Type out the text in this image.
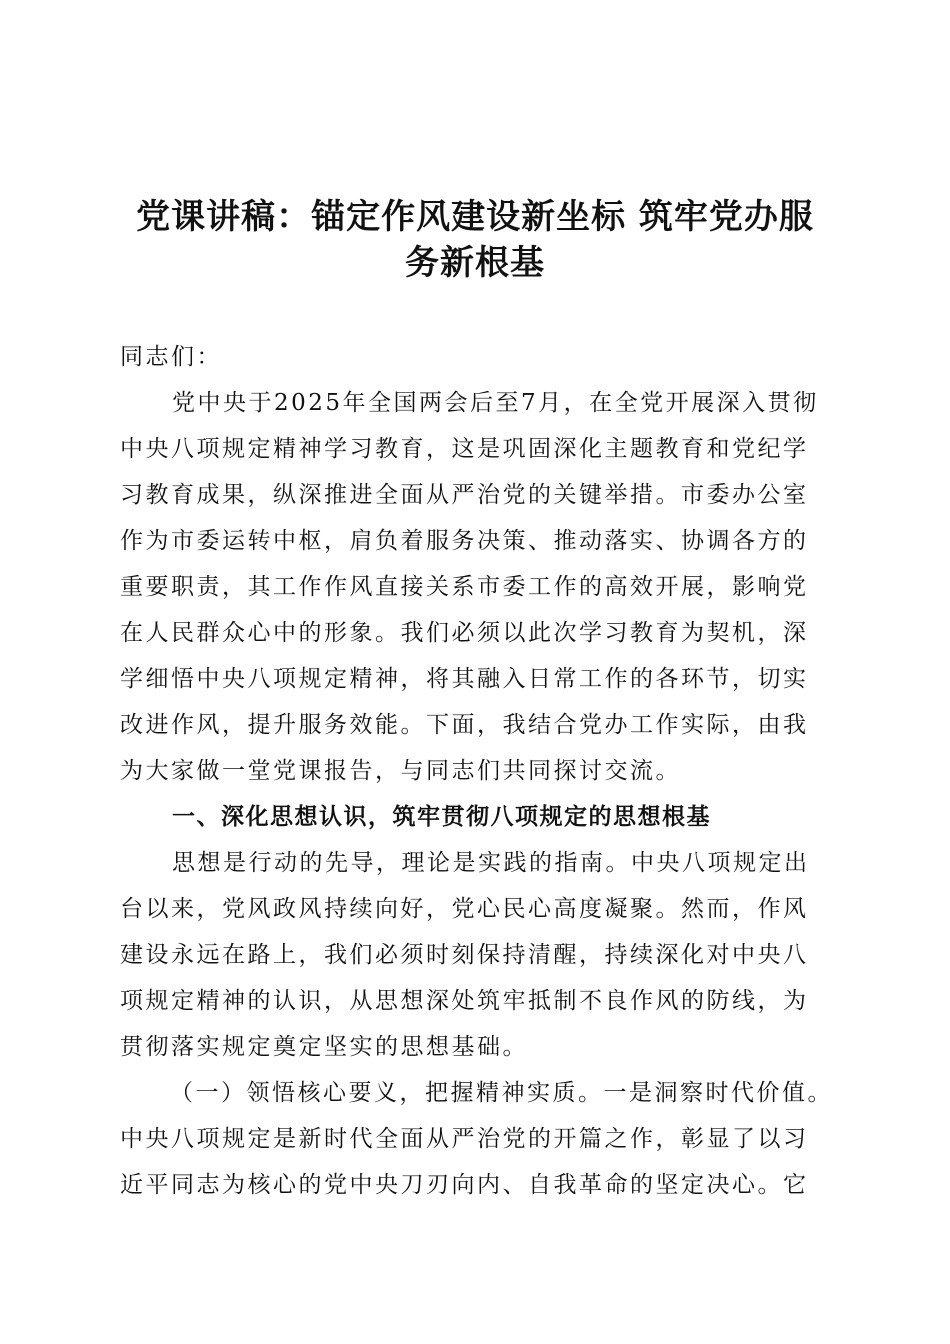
党课讲稿：锚定作风建设新坐标 筑牢党办服
务新根基
同志们：
党中央于2025年全国两会后至7月，在全党开展深入贯彻
中央八项规定精神学习教育，这是巩固深化主题教育和党纪学
习教育成果，纵深推进全面从严治党的关键举措。市委办公室
作为市委运转中枢，肩负着服务决策、推动落实、协调各方的
重要职责，其工作作风直接关系市委工作的高效开展，影响党
在人民群众心中的形象。我们必须以此次学习教育为契机，深
学细悟中央八项规定精神，将其融入日常工作的各环节，切实
改进作风，提升服务效能。下面，我结合党办工作实际，由我
为大家做一堂党课报告，与同志们共同探讨交流。
一、深化思想认识，筑牢贯彻八项规定的思想根基
思想是行动的先导，理论是实践的指南。中央八项规定出
台以来，党风政风持续向好，党心民心高度凝聚。然而，作风
建设永远在路上，我们必须时刻保持清醒，持续深化对中央八
项规定精神的认识，从思想深处筑牢抵制不良作风的防线，为
贯彻落实规定奠定坚实的思想基础。
（一）领悟核心要义，把握精神实质。一是洞察时代价值。
中央八项规定是新时代全面从严治党的开篇之作，彰显了以习
近平同志为核心的党中央刀刃向内、自我革命的坚定决心。它
